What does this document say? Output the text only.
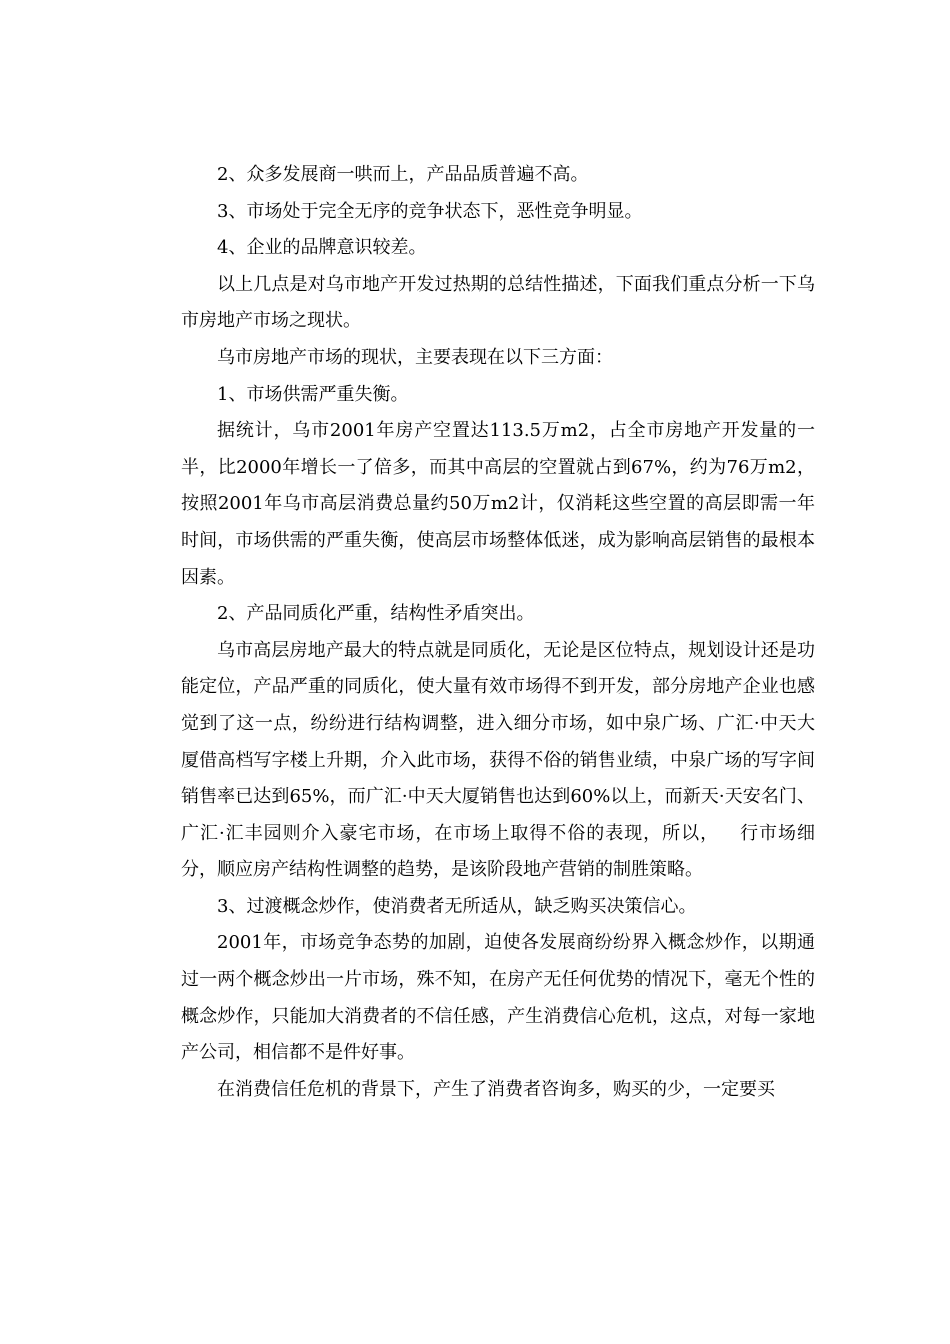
2、众多发展商一哄而上，产品品质普遍不高。

3、市场处于完全无序的竞争状态下，恶性竞争明显。

4、企业的品牌意识较差。

以上几点是对乌市地产开发过热期的总结性描述，下面我们重点分析一下乌市房地产市场之现状。

乌市房地产市场的现状，主要表现在以下三方面：

1、市场供需严重失衡。

据统计，乌市2001年房产空置达113.5万m2，占全市房地产开发量的一半，比2000年增长一了倍多，而其中高层的空置就占到67%，约为76万m2，按照2001年乌市高层消费总量约50万m2计，仅消耗这些空置的高层即需一年时间，市场供需的严重失衡，使高层市场整体低迷，成为影响高层销售的最根本因素。

2、产品同质化严重，结构性矛盾突出。

乌市高层房地产最大的特点就是同质化，无论是区位特点，规划设计还是功能定位，产品严重的同质化，使大量有效市场得不到开发，部分房地产企业也感觉到了这一点，纷纷进行结构调整，进入细分市场，如中泉广场、广汇·中天大厦借高档写字楼上升期，介入此市场，获得不俗的销售业绩，中泉广场的写字间销售率已达到65%，而广汇·中天大厦销售也达到60%以上，而新天·天安名门、广汇·汇丰园则介入豪宅市场，在市场上取得不俗的表现，所以， 行市场细分，顺应房产结构性调整的趋势，是该阶段地产营销的制胜策略。

3、过渡概念炒作，使消费者无所适从，缺乏购买决策信心。

2001年，市场竞争态势的加剧，迫使各发展商纷纷界入概念炒作，以期通过一两个概念炒出一片市场，殊不知，在房产无任何优势的情况下，毫无个性的概念炒作，只能加大消费者的不信任感，产生消费信心危机，这点，对每一家地产公司，相信都不是件好事。

在消费信任危机的背景下，产生了消费者咨询多，购买的少，一定要买
